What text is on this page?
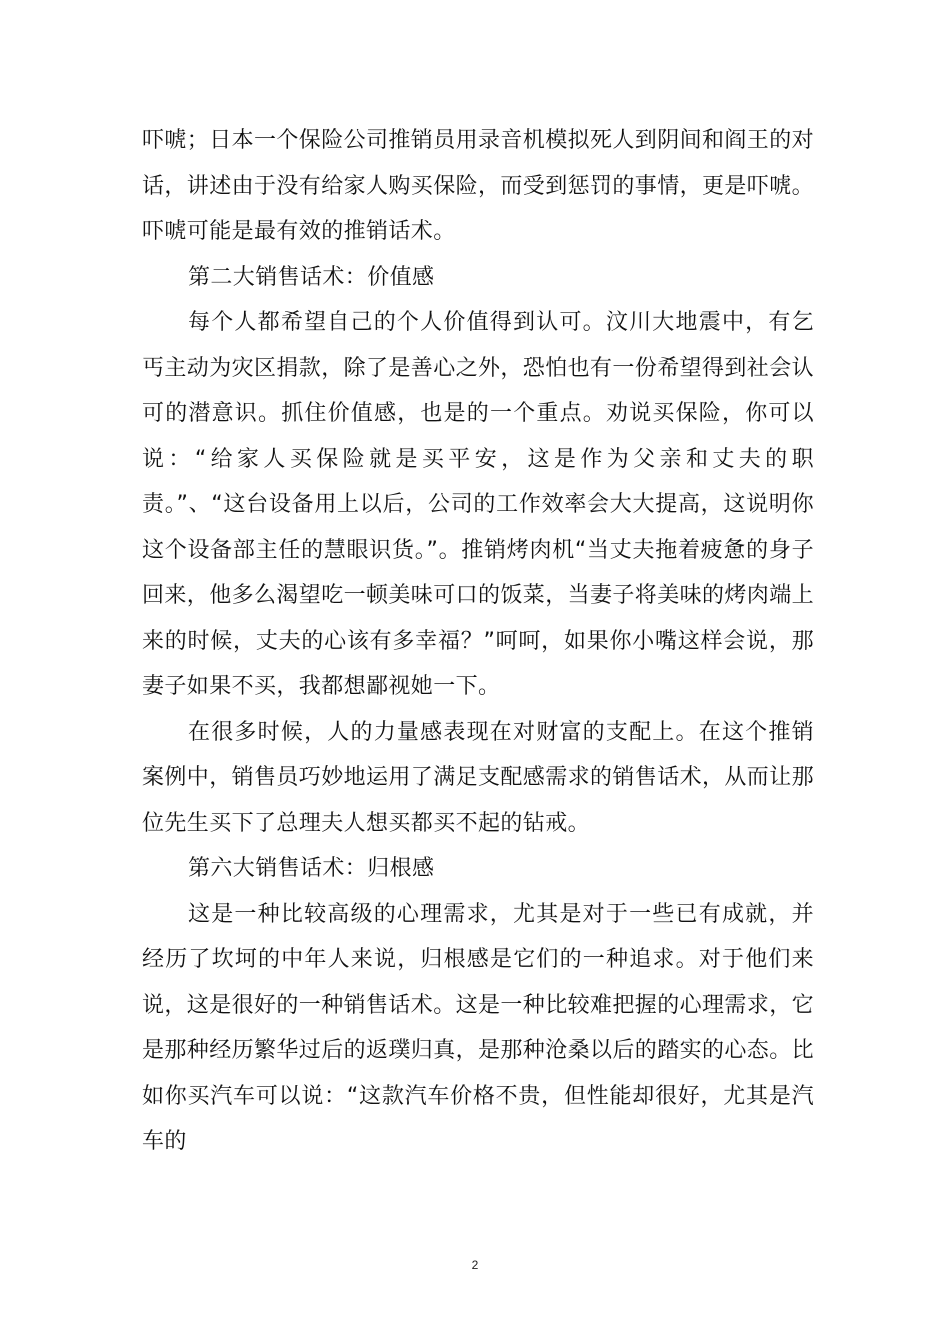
吓唬；日本一个保险公司推销员用录音机模拟死人到阴间和阎王的对话，讲述由于没有给家人购买保险，而受到惩罚的事情，更是吓唬。吓唬可能是最有效的推销话术。

第二大销售话术：价值感

每个人都希望自己的个人价值得到认可。汶川大地震中，有乞丐主动为灾区捐款，除了是善心之外，恐怕也有一份希望得到社会认可的潜意识。抓住价值感，也是的一个重点。劝说买保险，你可以说：“给家人买保险就是买平安，这是作为父亲和丈夫的职责。”、“这台设备用上以后，公司的工作效率会大大提高，这说明你这个设备部主任的慧眼识货。”。推销烤肉机“当丈夫拖着疲惫的身子回来，他多么渴望吃一顿美味可口的饭菜，当妻子将美味的烤肉端上来的时候，丈夫的心该有多幸福？”呵呵，如果你小嘴这样会说，那妻子如果不买，我都想鄙视她一下。

在很多时候，人的力量感表现在对财富的支配上。在这个推销案例中，销售员巧妙地运用了满足支配感需求的销售话术，从而让那位先生买下了总理夫人想买都买不起的钻戒。

第六大销售话术：归根感

这是一种比较高级的心理需求，尤其是对于一些已有成就，并经历了坎坷的中年人来说，归根感是它们的一种追求。对于他们来说，这是很好的一种销售话术。这是一种比较难把握的心理需求，它是那种经历繁华过后的返璞归真，是那种沧桑以后的踏实的心态。比如你买汽车可以说：“这款汽车价格不贵，但性能却很好，尤其是汽车的

2
